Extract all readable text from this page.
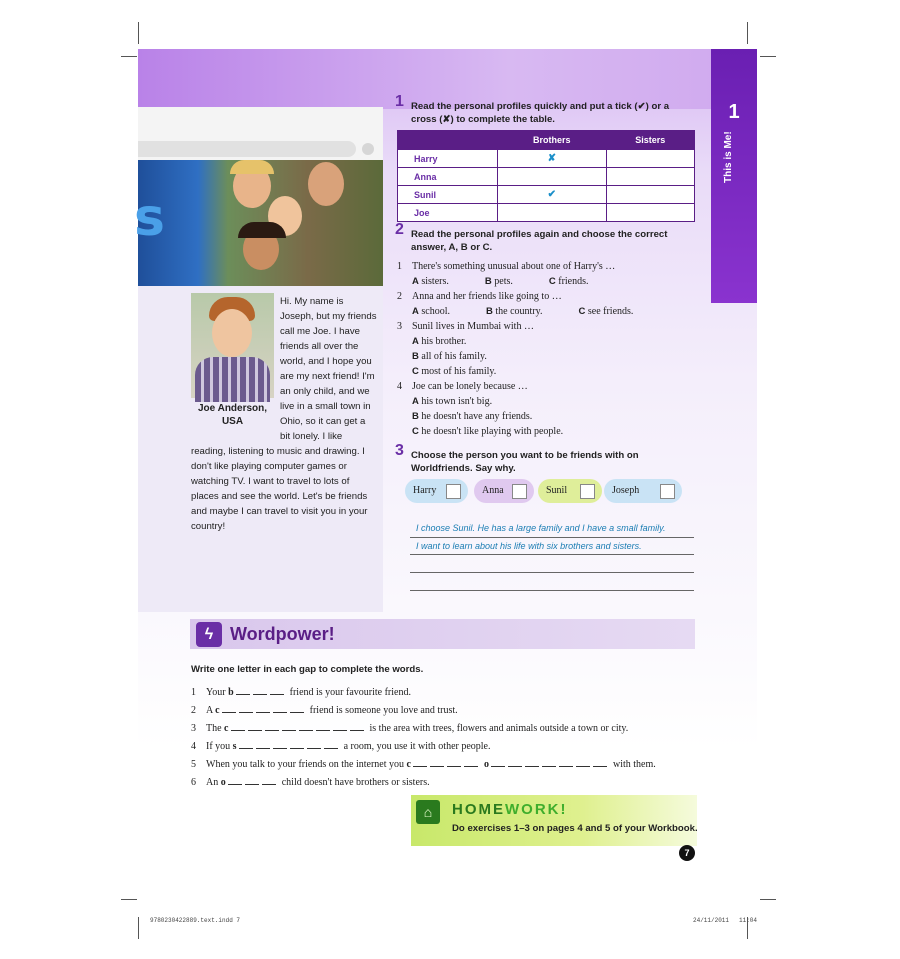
s
Joe Anderson, USA
Hi. My name is Joseph, but my friends call me Joe. I have friends all over the world, and I hope you are my next friend! I'm an only child, and we live in a small town in Ohio, so it can get a bit lonely. I like reading, listening to music and drawing. I don't like playing computer games or watching TV. I want to travel to lots of places and see the world. Let's be friends and maybe I can travel to visit you in your country!
1
This is Me!
1 Read the personal profiles quickly and put a tick (✔) or a cross (✘) to complete the table.
	Brothers	Sisters
Harry	✘	
Anna		
Sunil	✔	
Joe		
2 Read the personal profiles again and choose the correct answer, A, B or C.
1 There's something unusual about one of Harry's …
A sisters.	B pets.	C friends.
2 Anna and her friends like going to …
A school.	B the country.	C see friends.
3 Sunil lives in Mumbai with …
A his brother.
B all of his family.
C most of his family.
4 Joe can be lonely because …
A his town isn't big.
B he doesn't have any friends.
C he doesn't like playing with people.
3 Choose the person you want to be friends with on Worldfriends. Say why.
Harry	Anna	Sunil	Joseph
I choose Sunil. He has a large family and I have a small family.
I want to learn about his life with six brothers and sisters.
ϟ Wordpower!
Write one letter in each gap to complete the words.
1 Your b	friend is your favourite friend.
2 A c	friend is someone you love and trust.
3 The c	is the area with trees, flowers and animals outside a town or city.
4 If you s	a room, you use it with other people.
5 When you talk to your friends on the internet you c	o	with them.
6 An o	child doesn't have brothers or sisters.
⌂	HOMEWORK!
Do exercises 1–3 on pages 4 and 5 of your Workbook.
7
9780230422889.text.indd 7	24/11/2011 11:04
